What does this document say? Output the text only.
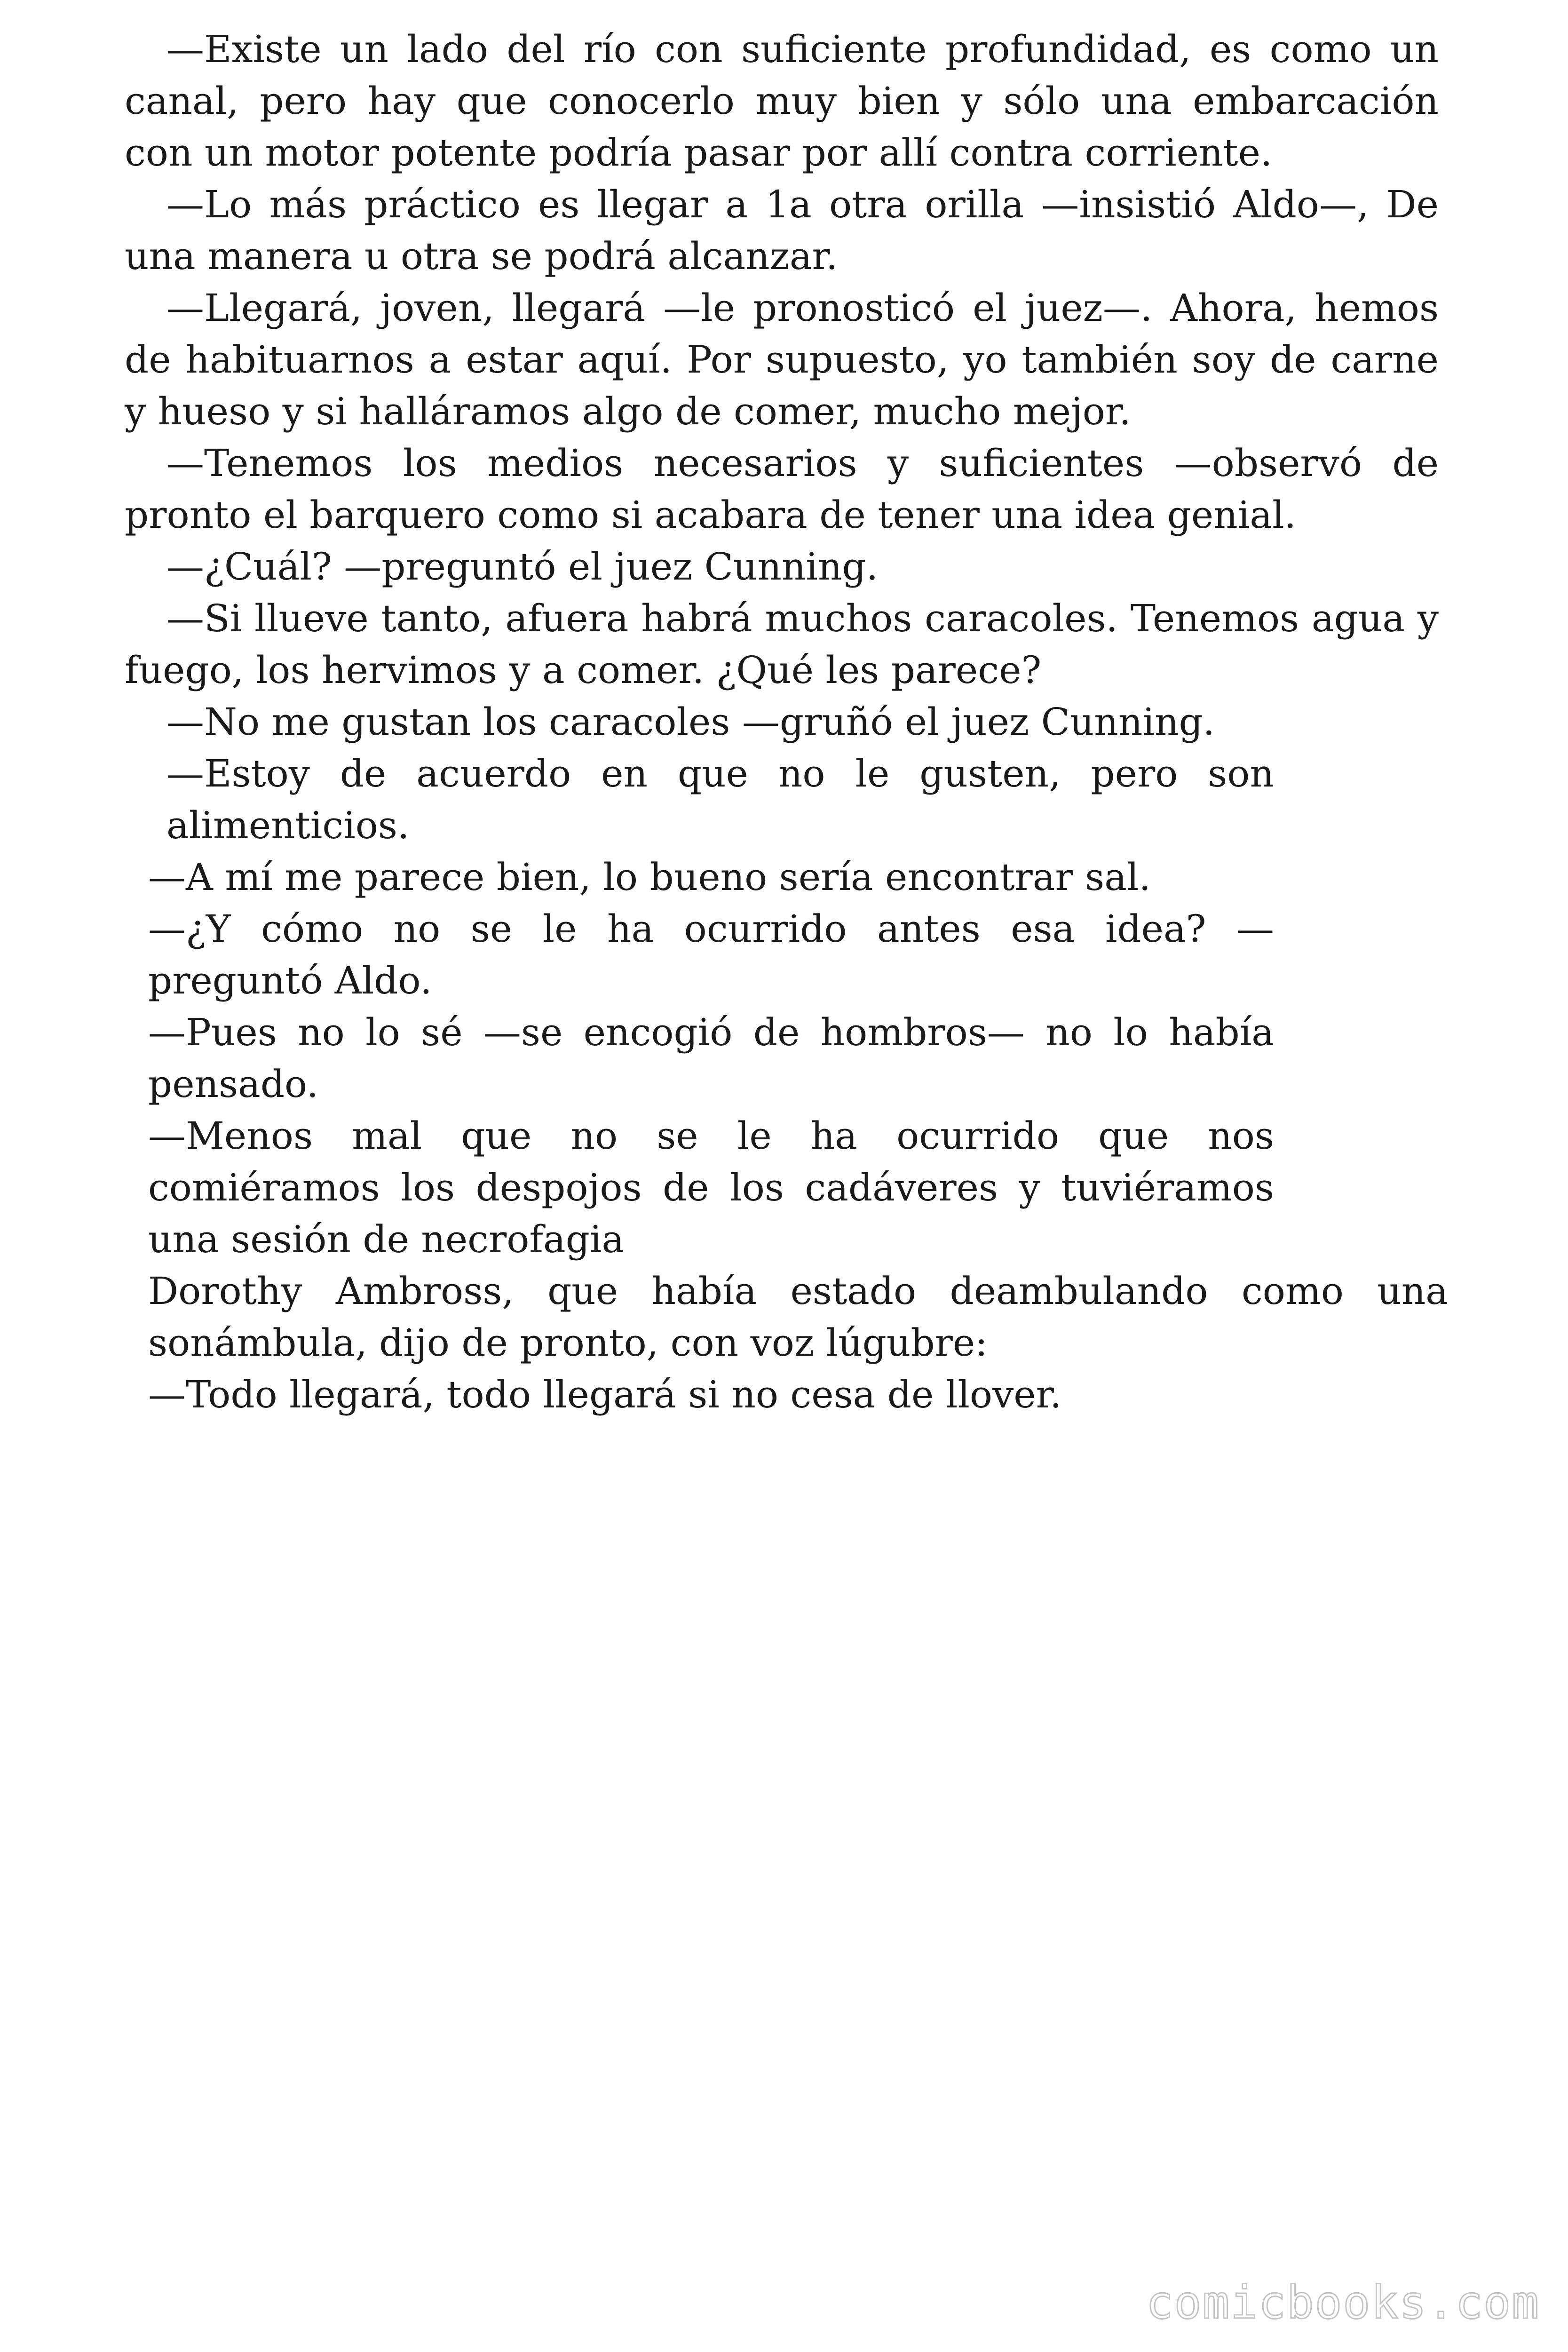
—Existe un lado del río con suficiente profundidad, es como un

canal, pero hay que conocerlo muy bien y sólo una embarcación

con un motor potente podría pasar por allí contra corriente.

—Lo más práctico es llegar a 1a otra orilla —insistió Aldo—, De

una manera u otra se podrá alcanzar.

—Llegará, joven, llegará —le pronosticó el juez—. Ahora, hemos

de habituarnos a estar aquí. Por supuesto, yo también soy de carne

y hueso y si halláramos algo de comer, mucho mejor.

—Tenemos los medios necesarios y suficientes —observó de

pronto el barquero como si acabara de tener una idea genial.

—¿Cuál? —preguntó el juez Cunning.

—Si llueve tanto, afuera habrá muchos caracoles. Tenemos agua y

fuego, los hervimos y a comer. ¿Qué les parece?

—No me gustan los caracoles —gruñó el juez Cunning.

—Estoy de acuerdo en que no le gusten, pero son

alimenticios.

—A mí me parece bien, lo bueno sería encontrar sal.

—¿Y cómo no se le ha ocurrido antes esa idea? —

preguntó Aldo.

—Pues no lo sé —se encogió de hombros— no lo había

pensado.

—Menos mal que no se le ha ocurrido que nos

comiéramos los despojos de los cadáveres y tuviéramos

una sesión de necrofagia

Dorothy Ambross, que había estado deambulando como una

sonámbula, dijo de pronto, con voz lúgubre:

—Todo llegará, todo llegará si no cesa de llover.

comicbooks.com
